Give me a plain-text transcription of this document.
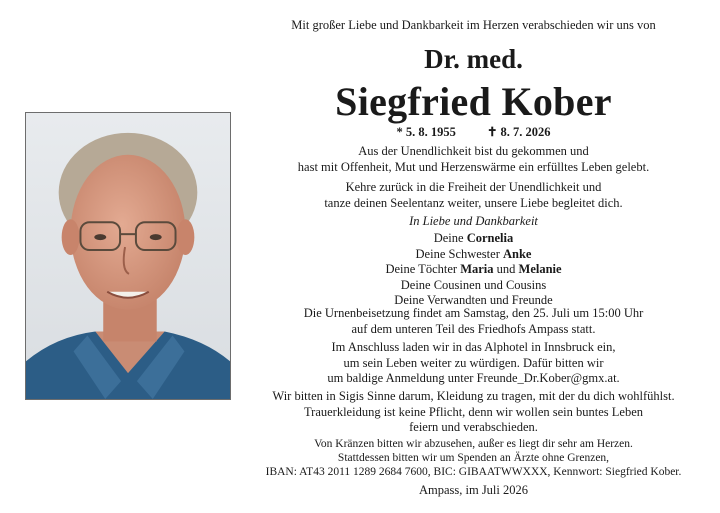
Mit großer Liebe und Dankbarkeit im Herzen verabschieden wir uns von
Dr. med.
Siegfried Kober
* 5. 8. 1955 ✝ 8. 7. 2026
Aus der Unendlichkeit bist du gekommen und
hast mit Offenheit, Mut und Herzenswärme ein erfülltes Leben gelebt.
Kehre zurück in die Freiheit der Unendlichkeit und
tanze deinen Seelentanz weiter, unsere Liebe begleitet dich.
In Liebe und Dankbarkeit
Deine Cornelia
Deine Schwester Anke
Deine Töchter Maria und Melanie
Deine Cousinen und Cousins
Deine Verwandten und Freunde
Die Urnenbeisetzung findet am Samstag, den 25. Juli um 15:00 Uhr
auf dem unteren Teil des Friedhofs Ampass statt.
Im Anschluss laden wir in das Alphotel in Innsbruck ein,
um sein Leben weiter zu würdigen. Dafür bitten wir
um baldige Anmeldung unter Freunde_Dr.Kober@gmx.at.
Wir bitten in Sigis Sinne darum, Kleidung zu tragen, mit der du dich wohlfühlst.
Trauerkleidung ist keine Pflicht, denn wir wollen sein buntes Leben
feiern und verabschieden.
Von Kränzen bitten wir abzusehen, außer es liegt dir sehr am Herzen.
Stattdessen bitten wir um Spenden an Ärzte ohne Grenzen,
IBAN: AT43 2011 1289 2684 7600, BIC: GIBAATWWXXX, Kennwort: Siegfried Kober.
Ampass, im Juli 2026
